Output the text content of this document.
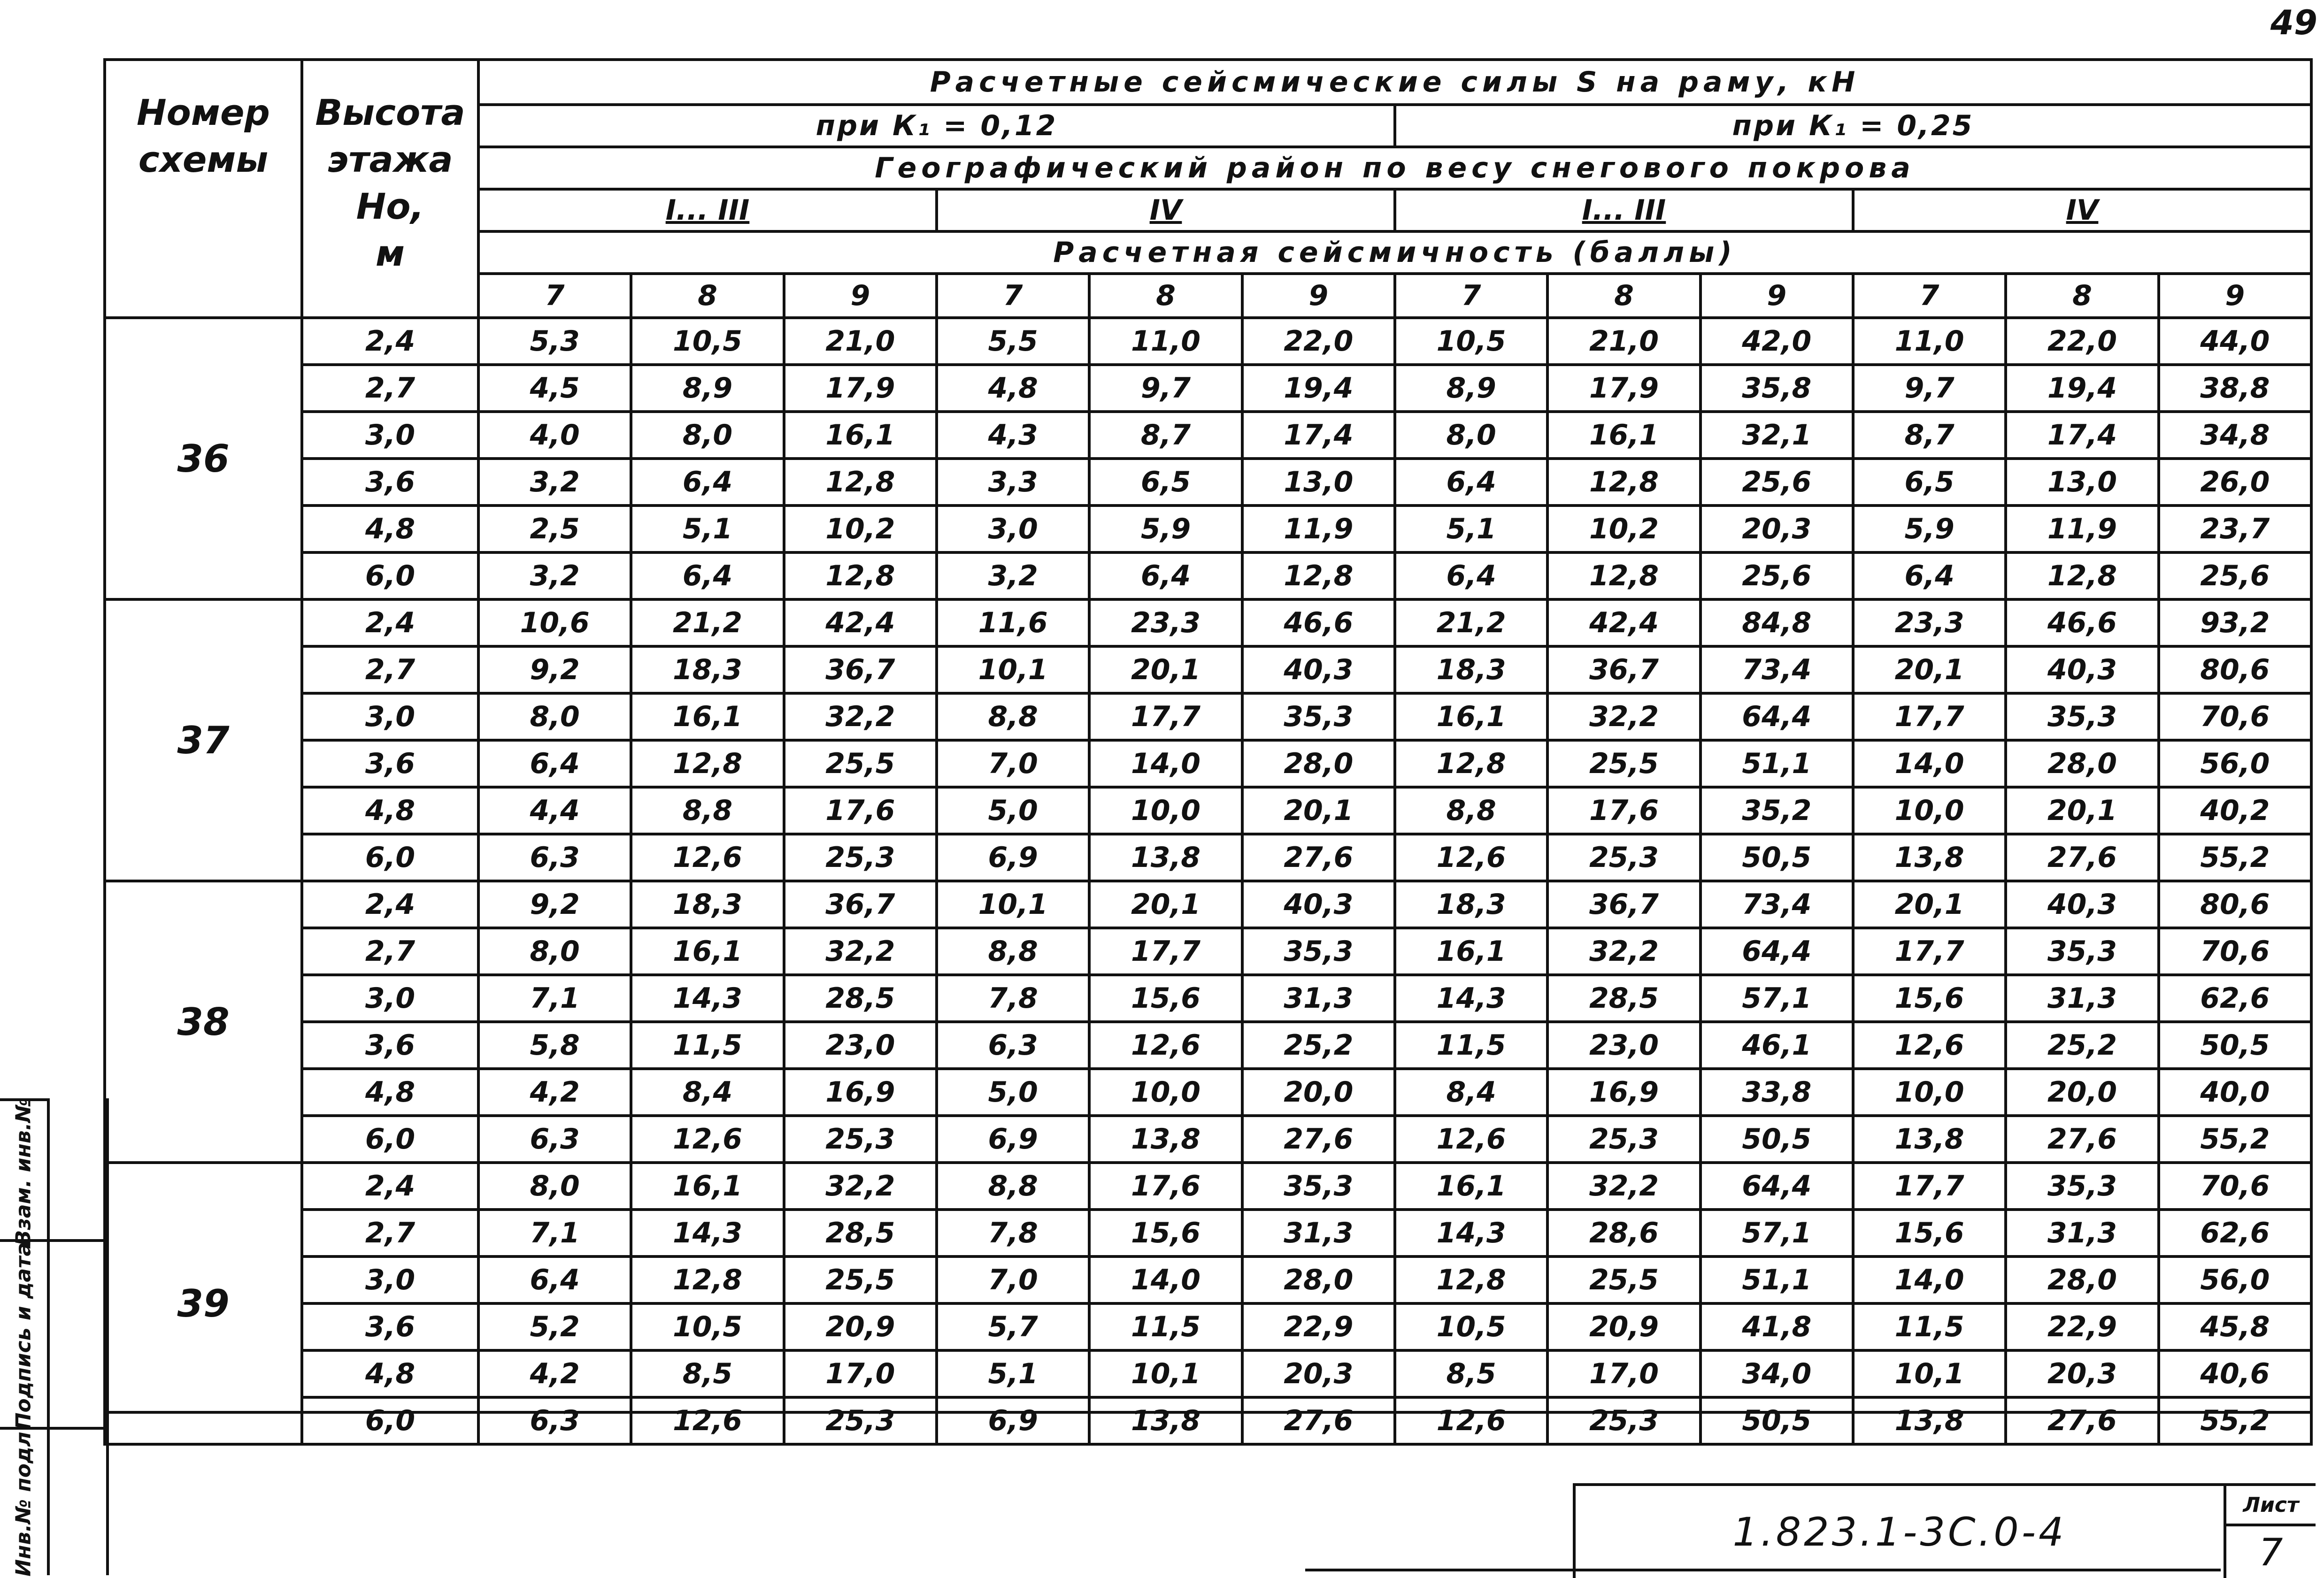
49
Номер
схемы	Высота
этажа
Но,
м	Расчетные сейсмические силы S на раму, кН											
		при К₁ = 0,12						при К₁ = 0,25					
		Географический район по весу снегового покрова											
		I... III			IV			I... III			IV		
		Расчетная сейсмичность (баллы)											
		7	8	9	7	8	9	7	8	9	7	8	9
36	2,4	5,3	10,5	21,0	5,5	11,0	22,0	10,5	21,0	42,0	11,0	22,0	44,0
	2,7	4,5	8,9	17,9	4,8	9,7	19,4	8,9	17,9	35,8	9,7	19,4	38,8
	3,0	4,0	8,0	16,1	4,3	8,7	17,4	8,0	16,1	32,1	8,7	17,4	34,8
	3,6	3,2	6,4	12,8	3,3	6,5	13,0	6,4	12,8	25,6	6,5	13,0	26,0
	4,8	2,5	5,1	10,2	3,0	5,9	11,9	5,1	10,2	20,3	5,9	11,9	23,7
	6,0	3,2	6,4	12,8	3,2	6,4	12,8	6,4	12,8	25,6	6,4	12,8	25,6
37	2,4	10,6	21,2	42,4	11,6	23,3	46,6	21,2	42,4	84,8	23,3	46,6	93,2
	2,7	9,2	18,3	36,7	10,1	20,1	40,3	18,3	36,7	73,4	20,1	40,3	80,6
	3,0	8,0	16,1	32,2	8,8	17,7	35,3	16,1	32,2	64,4	17,7	35,3	70,6
	3,6	6,4	12,8	25,5	7,0	14,0	28,0	12,8	25,5	51,1	14,0	28,0	56,0
	4,8	4,4	8,8	17,6	5,0	10,0	20,1	8,8	17,6	35,2	10,0	20,1	40,2
	6,0	6,3	12,6	25,3	6,9	13,8	27,6	12,6	25,3	50,5	13,8	27,6	55,2
38	2,4	9,2	18,3	36,7	10,1	20,1	40,3	18,3	36,7	73,4	20,1	40,3	80,6
	2,7	8,0	16,1	32,2	8,8	17,7	35,3	16,1	32,2	64,4	17,7	35,3	70,6
	3,0	7,1	14,3	28,5	7,8	15,6	31,3	14,3	28,5	57,1	15,6	31,3	62,6
	3,6	5,8	11,5	23,0	6,3	12,6	25,2	11,5	23,0	46,1	12,6	25,2	50,5
	4,8	4,2	8,4	16,9	5,0	10,0	20,0	8,4	16,9	33,8	10,0	20,0	40,0
	6,0	6,3	12,6	25,3	6,9	13,8	27,6	12,6	25,3	50,5	13,8	27,6	55,2
39	2,4	8,0	16,1	32,2	8,8	17,6	35,3	16,1	32,2	64,4	17,7	35,3	70,6
	2,7	7,1	14,3	28,5	7,8	15,6	31,3	14,3	28,6	57,1	15,6	31,3	62,6
	3,0	6,4	12,8	25,5	7,0	14,0	28,0	12,8	25,5	51,1	14,0	28,0	56,0
	3,6	5,2	10,5	20,9	5,7	11,5	22,9	10,5	20,9	41,8	11,5	22,9	45,8
	4,8	4,2	8,5	17,0	5,1	10,1	20,3	8,5	17,0	34,0	10,1	20,3	40,6
	6,0	6,3	12,6	25,3	6,9	13,8	27,6	12,6	25,3	50,5	13,8	27,6	55,2
Взам. инв.№
Подпись и дата
Инв.№ подл	1.823.1-3С.0-4
Лист
7
